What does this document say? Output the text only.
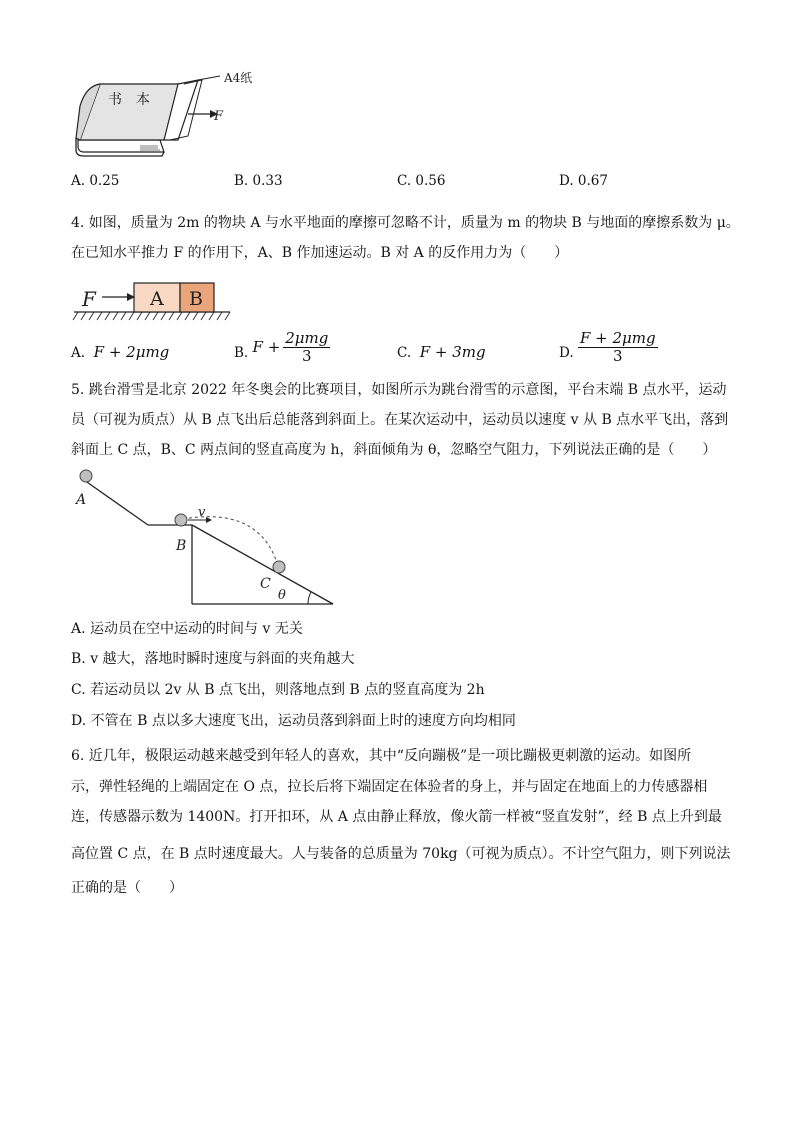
书　本
A4纸
F
A. 0.25	B. 0.33	C. 0.56	D. 0.67
4. 如图，质量为 2m 的物块 A 与水平地面的摩擦可忽略不计，质量为 m 的物块 B 与地面的摩擦系数为 μ。
在已知水平推力 F 的作用下，A、B 作加速运动。B 对 A 的反作用力为（　　）
F	A B
A. F + 2μmg	B.
$F + \frac{\text{2μmg}}{3}$	C. F + 3mg	D.
$\frac{\text{F + 2μmg}}{3}$
5. 跳台滑雪是北京 2022 年冬奥会的比赛项目，如图所示为跳台滑雪的示意图，平台末端 B 点水平，运动
员（可视为质点）从 B 点飞出后总能落到斜面上。在某次运动中，运动员以速度 v 从 B 点水平飞出，落到
斜面上 C 点，B、C 两点间的竖直高度为 h，斜面倾角为 θ，忽略空气阻力，下列说法正确的是（　　）
A
B
C
v
θ
A. 运动员在空中运动的时间与 v 无关
B. v 越大，落地时瞬时速度与斜面的夹角越大
C. 若运动员以 2v 从 B 点飞出，则落地点到 B 点的竖直高度为 2h
D. 不管在 B 点以多大速度飞出，运动员落到斜面上时的速度方向均相同
6. 近几年，极限运动越来越受到年轻人的喜欢，其中“反向蹦极”是一项比蹦极更刺激的运动。如图所
示，弹性轻绳的上端固定在 O 点，拉长后将下端固定在体验者的身上，并与固定在地面上的力传感器相
连，传感器示数为 1400N。打开扣环，从 A 点由静止释放，像火箭一样被“竖直发射”，经 B 点上升到最
高位置 C 点，在 B 点时速度最大。人与装备的总质量为 70kg（可视为质点）。不计空气阻力，则下列说法
正确的是（　　）
